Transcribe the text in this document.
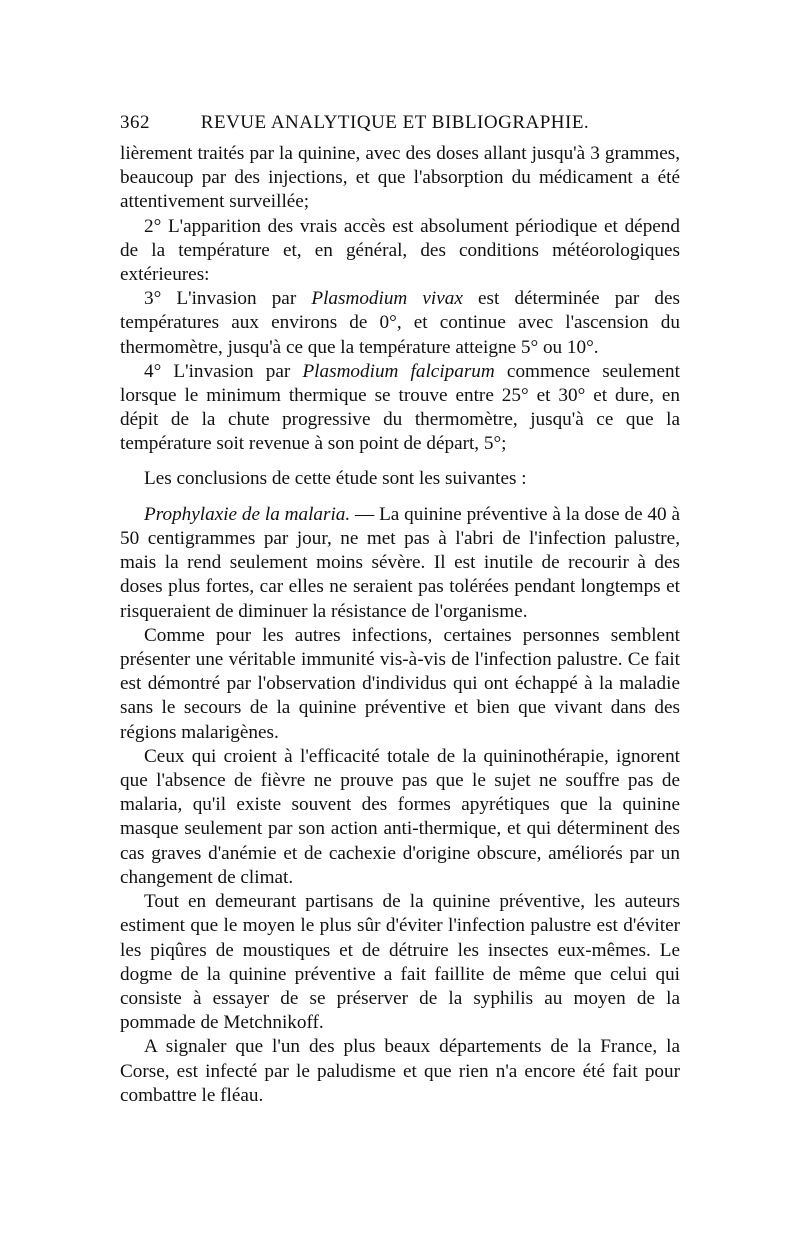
362	REVUE ANALYTIQUE ET BIBLIOGRAPHIE.

lièrement traités par la quinine, avec des doses allant jusqu'à 3 grammes, beaucoup par des injections, et que l'absorption du médicament a été attentivement surveillée;

2° L'apparition des vrais accès est absolument périodique et dépend de la température et, en général, des conditions météorologiques extérieures:

3° L'invasion par Plasmodium vivax est déterminée par des températures aux environs de 0°, et continue avec l'ascension du thermomètre, jusqu'à ce que la température atteigne 5° ou 10°.

4° L'invasion par Plasmodium falciparum commence seulement lorsque le minimum thermique se trouve entre 25° et 30° et dure, en dépit de la chute progressive du thermomètre, jusqu'à ce que la température soit revenue à son point de départ, 5°;

Les conclusions de cette étude sont les suivantes :

Prophylaxie de la malaria. — La quinine préventive à la dose de 40 à 50 centigrammes par jour, ne met pas à l'abri de l'infection palustre, mais la rend seulement moins sévère. Il est inutile de recourir à des doses plus fortes, car elles ne seraient pas tolérées pendant longtemps et risqueraient de diminuer la résistance de l'organisme.

Comme pour les autres infections, certaines personnes semblent présenter une véritable immunité vis-à-vis de l'infection palustre. Ce fait est démontré par l'observation d'individus qui ont échappé à la maladie sans le secours de la quinine préventive et bien que vivant dans des régions malarigènes.

Ceux qui croient à l'efficacité totale de la quininothérapie, ignorent que l'absence de fièvre ne prouve pas que le sujet ne souffre pas de malaria, qu'il existe souvent des formes apyrétiques que la quinine masque seulement par son action anti-thermique, et qui déterminent des cas graves d'anémie et de cachexie d'origine obscure, améliorés par un changement de climat.

Tout en demeurant partisans de la quinine préventive, les auteurs estiment que le moyen le plus sûr d'éviter l'infection palustre est d'éviter les piqûres de moustiques et de détruire les insectes eux-mêmes. Le dogme de la quinine préventive a fait faillite de même que celui qui consiste à essayer de se préserver de la syphilis au moyen de la pommade de Metchnikoff.

A signaler que l'un des plus beaux départements de la France, la Corse, est infecté par le paludisme et que rien n'a encore été fait pour combattre le fléau.
